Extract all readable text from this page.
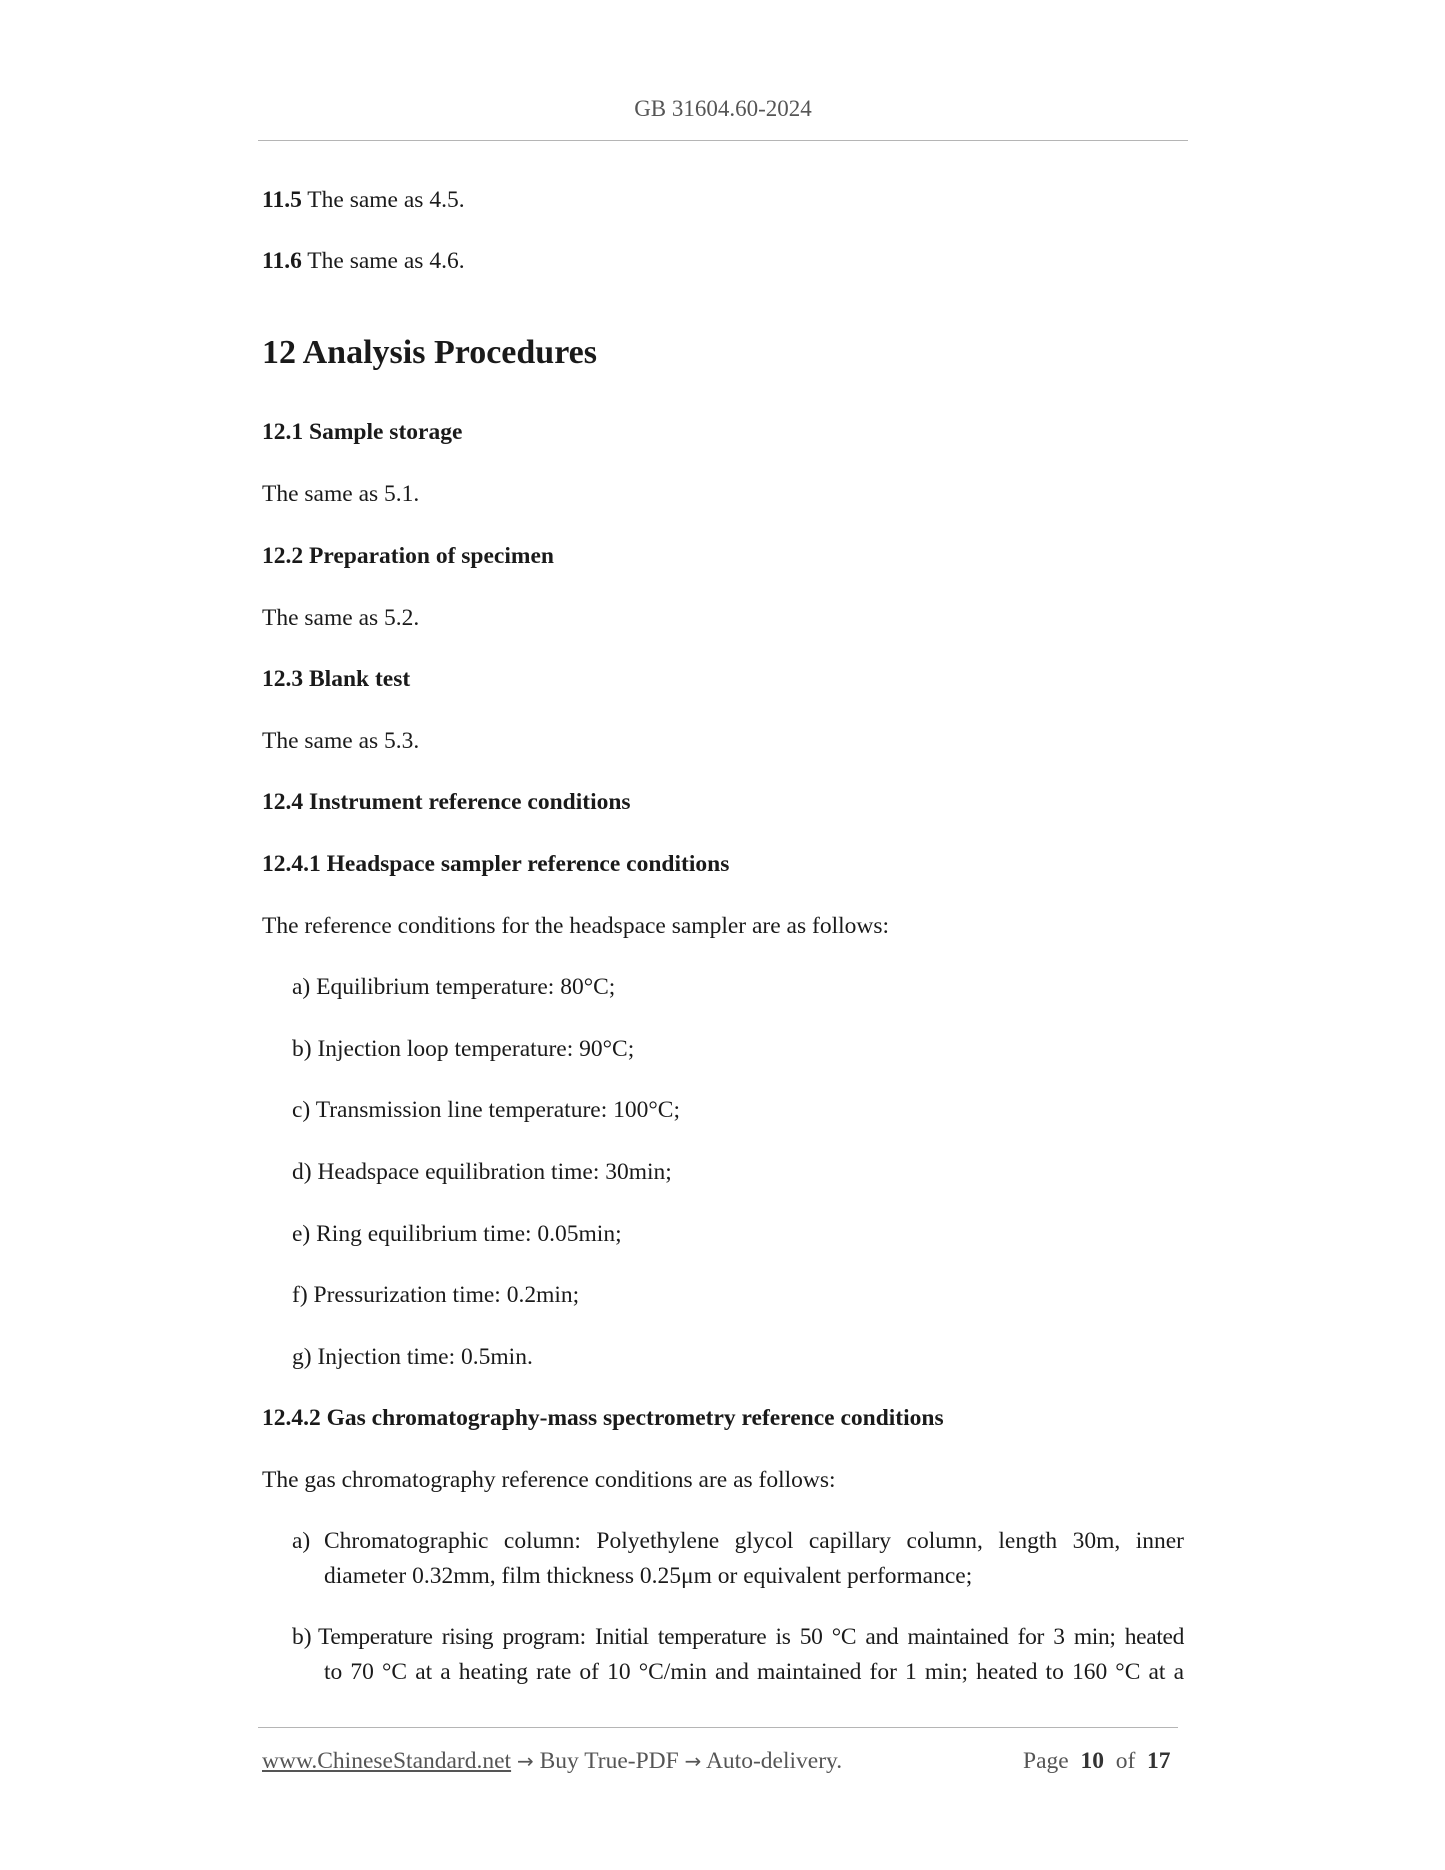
GB 31604.60-2024
11.5 The same as 4.5.
11.6 The same as 4.6.
12 Analysis Procedures
12.1 Sample storage
The same as 5.1.
12.2 Preparation of specimen
The same as 5.2.
12.3 Blank test
The same as 5.3.
12.4 Instrument reference conditions
12.4.1 Headspace sampler reference conditions
The reference conditions for the headspace sampler are as follows:
a) Equilibrium temperature: 80°C;
b) Injection loop temperature: 90°C;
c) Transmission line temperature: 100°C;
d) Headspace equilibration time: 30min;
e) Ring equilibrium time: 0.05min;
f) Pressurization time: 0.2min;
g) Injection time: 0.5min.
12.4.2 Gas chromatography-mass spectrometry reference conditions
The gas chromatography reference conditions are as follows:
a) Chromatographic column: Polyethylene glycol capillary column, length 30m, inner
diameter 0.32mm, film thickness 0.25μm or equivalent performance;
b) Temperature rising program: Initial temperature is 50 °C and maintained for 3 min; heated
to 70 °C at a heating rate of 10 °C/min and maintained for 1 min; heated to 160 °C at a
www.ChineseStandard.net → Buy True-PDF → Auto-delivery.	Page 10 of 17
